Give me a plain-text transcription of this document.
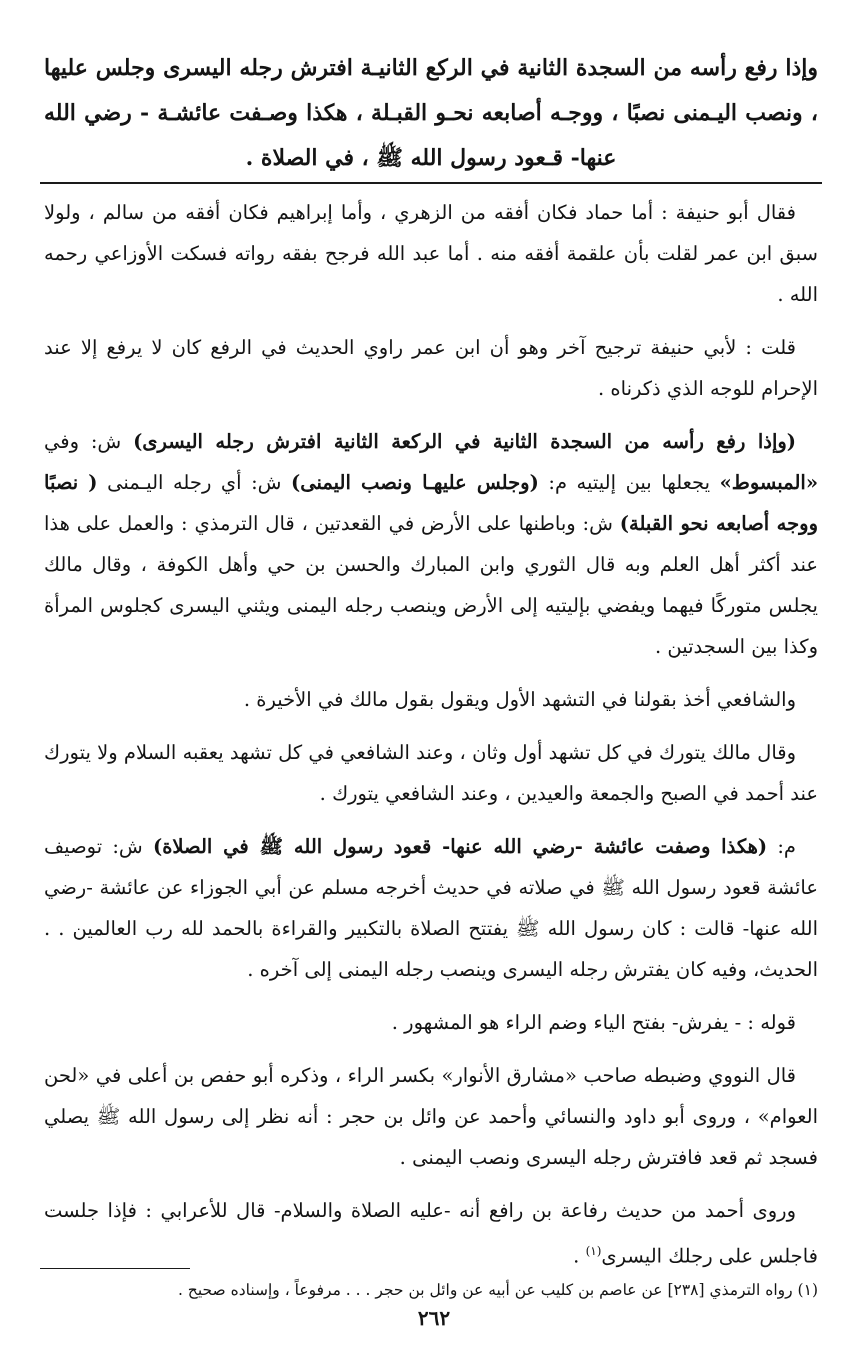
وإذا رفع رأسه من السجدة الثانية في الركع الثانيـة افترش رجله اليسرى وجلس عليها ، ونصب اليـمنى نصبًا ، ووجـه أصابعه نحـو القبـلة ، هكذا وصـفت عائشـة - رضي الله عنها- قـعود رسول الله ﷺ ، في الصلاة .

فقال أبو حنيفة : أما حماد فكان أفقه من الزهري ، وأما إبراهيم فكان أفقه من سالم ، ولولا سبق ابن عمر لقلت بأن علقمة أفقه منه . أما عبد الله فرجح بفقه رواته فسكت الأوزاعي رحمه الله .

قلت : لأبي حنيفة ترجيح آخر وهو أن ابن عمر راوي الحديث في الرفع كان لا يرفع إلا عند الإحرام للوجه الذي ذكرناه .

(وإذا رفع رأسه من السجدة الثانية في الركعة الثانية افترش رجله اليسرى) ش: وفي «المبسوط» يجعلها بين إليتيه م: (وجلس عليهـا ونصب اليمنى) ش: أي رجله اليـمنى ( نصبًا ووجه أصابعه نحو القبلة) ش: وباطنها على الأرض في القعدتين ، قال الترمذي : والعمل على هذا عند أكثر أهل العلم وبه قال الثوري وابن المبارك والحسن بن حي وأهل الكوفة ، وقال مالك يجلس متوركًا فيهما ويفضي بإليتيه إلى الأرض وينصب رجله اليمنى ويثني اليسرى كجلوس المرأة وكذا بين السجدتين .

والشافعي أخذ بقولنا في التشهد الأول ويقول بقول مالك في الأخيرة .

وقال مالك يتورك في كل تشهد أول وثان ، وعند الشافعي في كل تشهد يعقبه السلام ولا يتورك عند أحمد في الصبح والجمعة والعيدين ، وعند الشافعي يتورك .

م: (هكذا وصفت عائشة -رضي الله عنها- قعود رسول الله ﷺ في الصلاة) ش: توصيف عائشة قعود رسول الله ﷺ في صلاته في حديث أخرجه مسلم عن أبي الجوزاء عن عائشة -رضي الله عنها- قالت : كان رسول الله ﷺ يفتتح الصلاة بالتكبير والقراءة بالحمد لله رب العالمين . . الحديث، وفيه كان يفترش رجله اليسرى وينصب رجله اليمنى إلى آخره .

قوله : - يفرش- بفتح الياء وضم الراء هو المشهور .

قال النووي وضبطه صاحب «مشارق الأنوار» بكسر الراء ، وذكره أبو حفص بن أعلى في «لحن العوام» ، وروى أبو داود والنسائي وأحمد عن وائل بن حجر : أنه نظر إلى رسول الله ﷺ يصلي فسجد ثم قعد فافترش رجله اليسرى ونصب اليمنى .

وروى أحمد من حديث رفاعة بن رافع أنه -عليه الصلاة والسلام- قال للأعرابي : فإذا جلست فاجلس على رجلك اليسرى$^{(١)}$ .

(١) رواه الترمذي [٢٣٨] عن عاصم بن كليب عن أبيه عن وائل بن حجر . . . مرفوعاً ، وإسناده صحيح .
٢٦٢
